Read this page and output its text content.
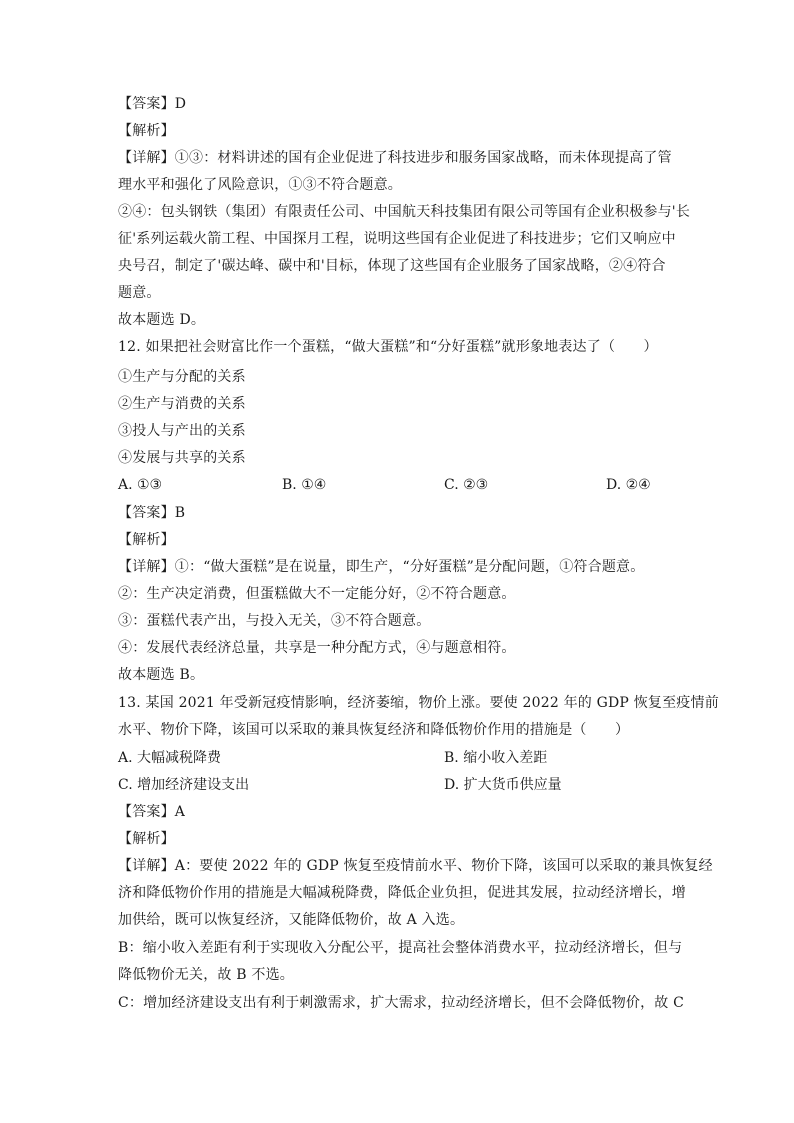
【答案】D
【解析】
【详解】①③：材料讲述的国有企业促进了科技进步和服务国家战略，而未体现提高了管
理水平和强化了风险意识，①③不符合题意。
②④：包头钢铁（集团）有限责任公司、中国航天科技集团有限公司等国有企业积极参与'长
征'系列运载火箭工程、中国探月工程，说明这些国有企业促进了科技进步；它们又响应中
央号召，制定了'碳达峰、碳中和'目标，体现了这些国有企业服务了国家战略，②④符合
题意。
故本题选 D。
12. 如果把社会财富比作一个蛋糕，“做大蛋糕”和“分好蛋糕”就形象地表达了（　　）
①生产与分配的关系
②生产与消费的关系
③投人与产出的关系
④发展与共享的关系
A. ①③	B. ①④	C. ②③	D. ②④
【答案】B
【解析】
【详解】①：“做大蛋糕”是在说量，即生产，“分好蛋糕”是分配问题，①符合题意。
②：生产决定消费，但蛋糕做大不一定能分好，②不符合题意。
③：蛋糕代表产出，与投入无关，③不符合题意。
④：发展代表经济总量，共享是一种分配方式，④与题意相符。
故本题选 B。
13. 某国 2021 年受新冠疫情影响，经济萎缩，物价上涨。要使 2022 年的 GDP 恢复至疫情前
水平、物价下降，该国可以采取的兼具恢复经济和降低物价作用的措施是（　　）
A. 大幅减税降费	B. 缩小收入差距
C. 增加经济建设支出	D. 扩大货币供应量
【答案】A
【解析】
【详解】A：要使 2022 年的 GDP 恢复至疫情前水平、物价下降，该国可以采取的兼具恢复经
济和降低物价作用的措施是大幅减税降费，降低企业负担，促进其发展，拉动经济增长，增
加供给，既可以恢复经济，又能降低物价，故 A 入选。
B：缩小收入差距有利于实现收入分配公平，提高社会整体消费水平，拉动经济增长，但与
降低物价无关，故 B 不选。
C：增加经济建设支出有利于刺激需求，扩大需求，拉动经济增长，但不会降低物价，故 C
